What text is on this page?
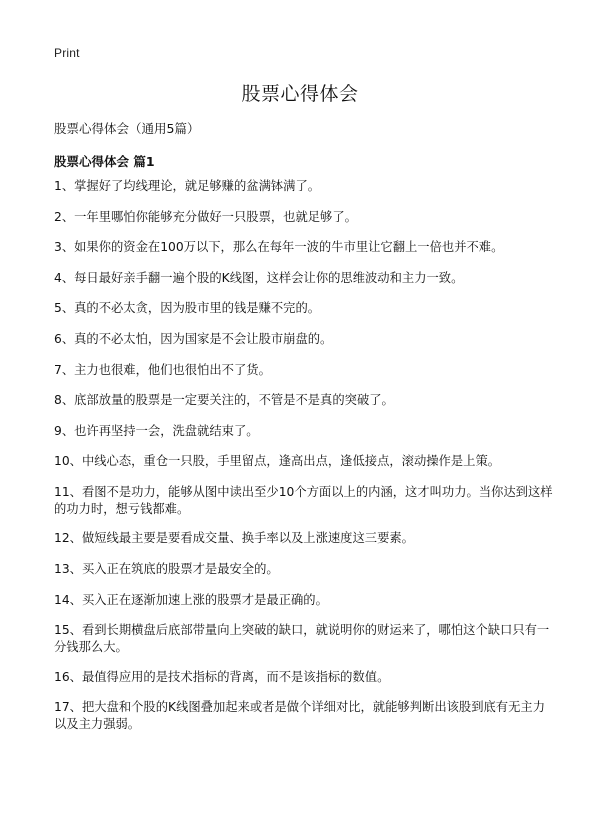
Print
股票心得体会
股票心得体会（通用5篇）
股票心得体会 篇1
1、掌握好了均线理论，就足够赚的盆满钵满了。
2、一年里哪怕你能够充分做好一只股票，也就足够了。
3、如果你的资金在100万以下，那么在每年一波的牛市里让它翻上一倍也并不难。
4、每日最好亲手翻一遍个股的K线图，这样会让你的思维波动和主力一致。
5、真的不必太贪，因为股市里的钱是赚不完的。
6、真的不必太怕，因为国家是不会让股市崩盘的。
7、主力也很难，他们也很怕出不了货。
8、底部放量的股票是一定要关注的，不管是不是真的突破了。
9、也许再坚持一会，洗盘就结束了。
10、中线心态，重仓一只股，手里留点，逢高出点，逢低接点，滚动操作是上策。
11、看图不是功力，能够从图中读出至少10个方面以上的内涵，这才叫功力。当你达到这样的功力时，想亏钱都难。
12、做短线最主要是要看成交量、换手率以及上涨速度这三要素。
13、买入正在筑底的股票才是最安全的。
14、买入正在逐渐加速上涨的股票才是最正确的。
15、看到长期横盘后底部带量向上突破的缺口，就说明你的财运来了，哪怕这个缺口只有一分钱那么大。
16、最值得应用的是技术指标的背离，而不是该指标的数值。
17、把大盘和个股的K线图叠加起来或者是做个详细对比，就能够判断出该股到底有无主力以及主力强弱。
